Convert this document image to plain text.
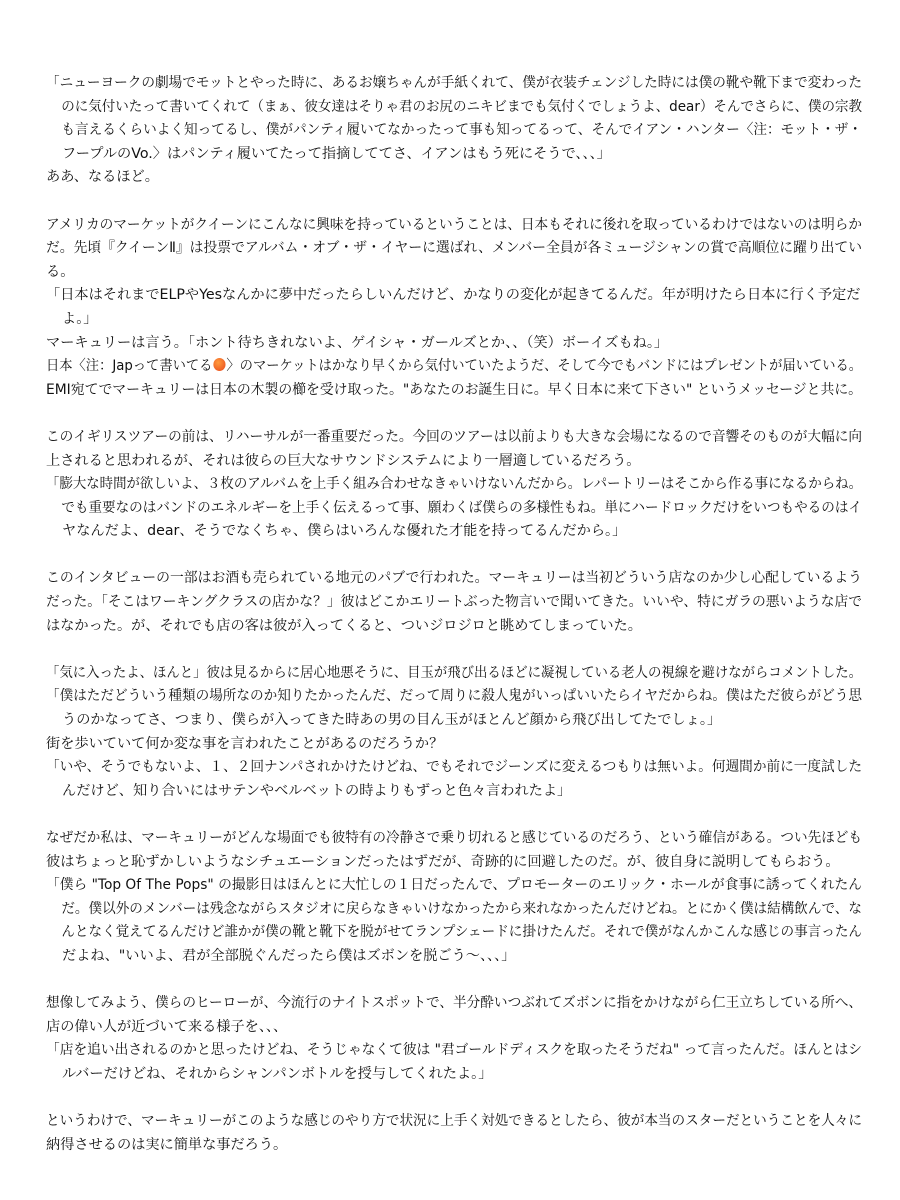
「ニューヨークの劇場でモットとやった時に、あるお嬢ちゃんが手紙くれて、僕が衣装チェンジした時には僕の靴や靴下まで変わった
のに気付いたって書いてくれて（まぁ、彼女達はそりゃ君のお尻のニキビまでも気付くでしょうよ、dear）そんでさらに、僕の宗教
も言えるくらいよく知ってるし、僕がパンティ履いてなかったって事も知ってるって、そんでイアン・ハンター〈注：モット・ザ・
フープルのVo.〉はパンティ履いてたって指摘しててさ、イアンはもう死にそうで、、、」
ああ、なるほど。
アメリカのマーケットがクイーンにこんなに興味を持っているということは、日本もそれに後れを取っているわけではないのは明らか
だ。先頃『クイーンⅡ』は投票でアルバム・オブ・ザ・イヤーに選ばれ、メンバー全員が各ミュージシャンの賞で高順位に躍り出てい
る。
「日本はそれまでELPやYesなんかに夢中だったらしいんだけど、かなりの変化が起きてるんだ。年が明けたら日本に行く予定だ
よ。」
マーキュリーは言う。「ホント待ちきれないよ、ゲイシャ・ガールズとか、、（笑）ボーイズもね。」
日本〈注：Japって書いてる 〉のマーケットはかなり早くから気付いていたようだ、そして今でもバンドにはプレゼントが届いている。
EMI宛てでマーキュリーは日本の木製の櫛を受け取った。"あなたのお誕生日に。早く日本に来て下さい" というメッセージと共に。
このイギリスツアーの前は、リハーサルが一番重要だった。今回のツアーは以前よりも大きな会場になるので音響そのものが大幅に向
上されると思われるが、それは彼らの巨大なサウンドシステムにより一層適しているだろう。
「膨大な時間が欲しいよ、３枚のアルバムを上手く組み合わせなきゃいけないんだから。レパートリーはそこから作る事になるからね。
でも重要なのはバンドのエネルギーを上手く伝えるって事、願わくば僕らの多様性もね。単にハードロックだけをいつもやるのはイ
ヤなんだよ、dear、そうでなくちゃ、僕らはいろんな優れた才能を持ってるんだから。」
このインタビューの一部はお酒も売られている地元のパブで行われた。マーキュリーは当初どういう店なのか少し心配しているよう
だった。「そこはワーキングクラスの店かな？」彼はどこかエリートぶった物言いで聞いてきた。いいや、特にガラの悪いような店で
はなかった。が、それでも店の客は彼が入ってくると、ついジロジロと眺めてしまっていた。
「気に入ったよ、ほんと」彼は見るからに居心地悪そうに、目玉が飛び出るほどに凝視している老人の視線を避けながらコメントした。
「僕はただどういう種類の場所なのか知りたかったんだ、だって周りに殺人鬼がいっぱいいたらイヤだからね。僕はただ彼らがどう思
うのかなってさ、つまり、僕らが入ってきた時あの男の目ん玉がほとんど顔から飛び出してたでしょ。」
街を歩いていて何か変な事を言われたことがあるのだろうか？
「いや、そうでもないよ、１、２回ナンパされかけたけどね、でもそれでジーンズに変えるつもりは無いよ。何週間か前に一度試した
んだけど、知り合いにはサテンやベルベットの時よりもずっと色々言われたよ」
なぜだか私は、マーキュリーがどんな場面でも彼特有の冷静さで乗り切れると感じているのだろう、という確信がある。つい先ほども
彼はちょっと恥ずかしいようなシチュエーションだったはずだが、奇跡的に回避したのだ。が、彼自身に説明してもらおう。
「僕ら "Top Of The Pops" の撮影日はほんとに大忙しの１日だったんで、プロモーターのエリック・ホールが食事に誘ってくれたん
だ。僕以外のメンバーは残念ながらスタジオに戻らなきゃいけなかったから来れなかったんだけどね。とにかく僕は結構飲んで、な
んとなく覚えてるんだけど誰かが僕の靴と靴下を脱がせてランプシェードに掛けたんだ。それで僕がなんかこんな感じの事言ったん
だよね、"いいよ、君が全部脱ぐんだったら僕はズボンを脱ごう〜、、、」
想像してみよう、僕らのヒーローが、今流行のナイトスポットで、半分酔いつぶれてズボンに指をかけながら仁王立ちしている所へ、
店の偉い人が近づいて来る様子を、、、
「店を追い出されるのかと思ったけどね、そうじゃなくて彼は "君ゴールドディスクを取ったそうだね" って言ったんだ。ほんとはシ
ルバーだけどね、それからシャンパンボトルを授与してくれたよ。」
というわけで、マーキュリーがこのような感じのやり方で状況に上手く対処できるとしたら、彼が本当のスターだということを人々に
納得させるのは実に簡単な事だろう。
